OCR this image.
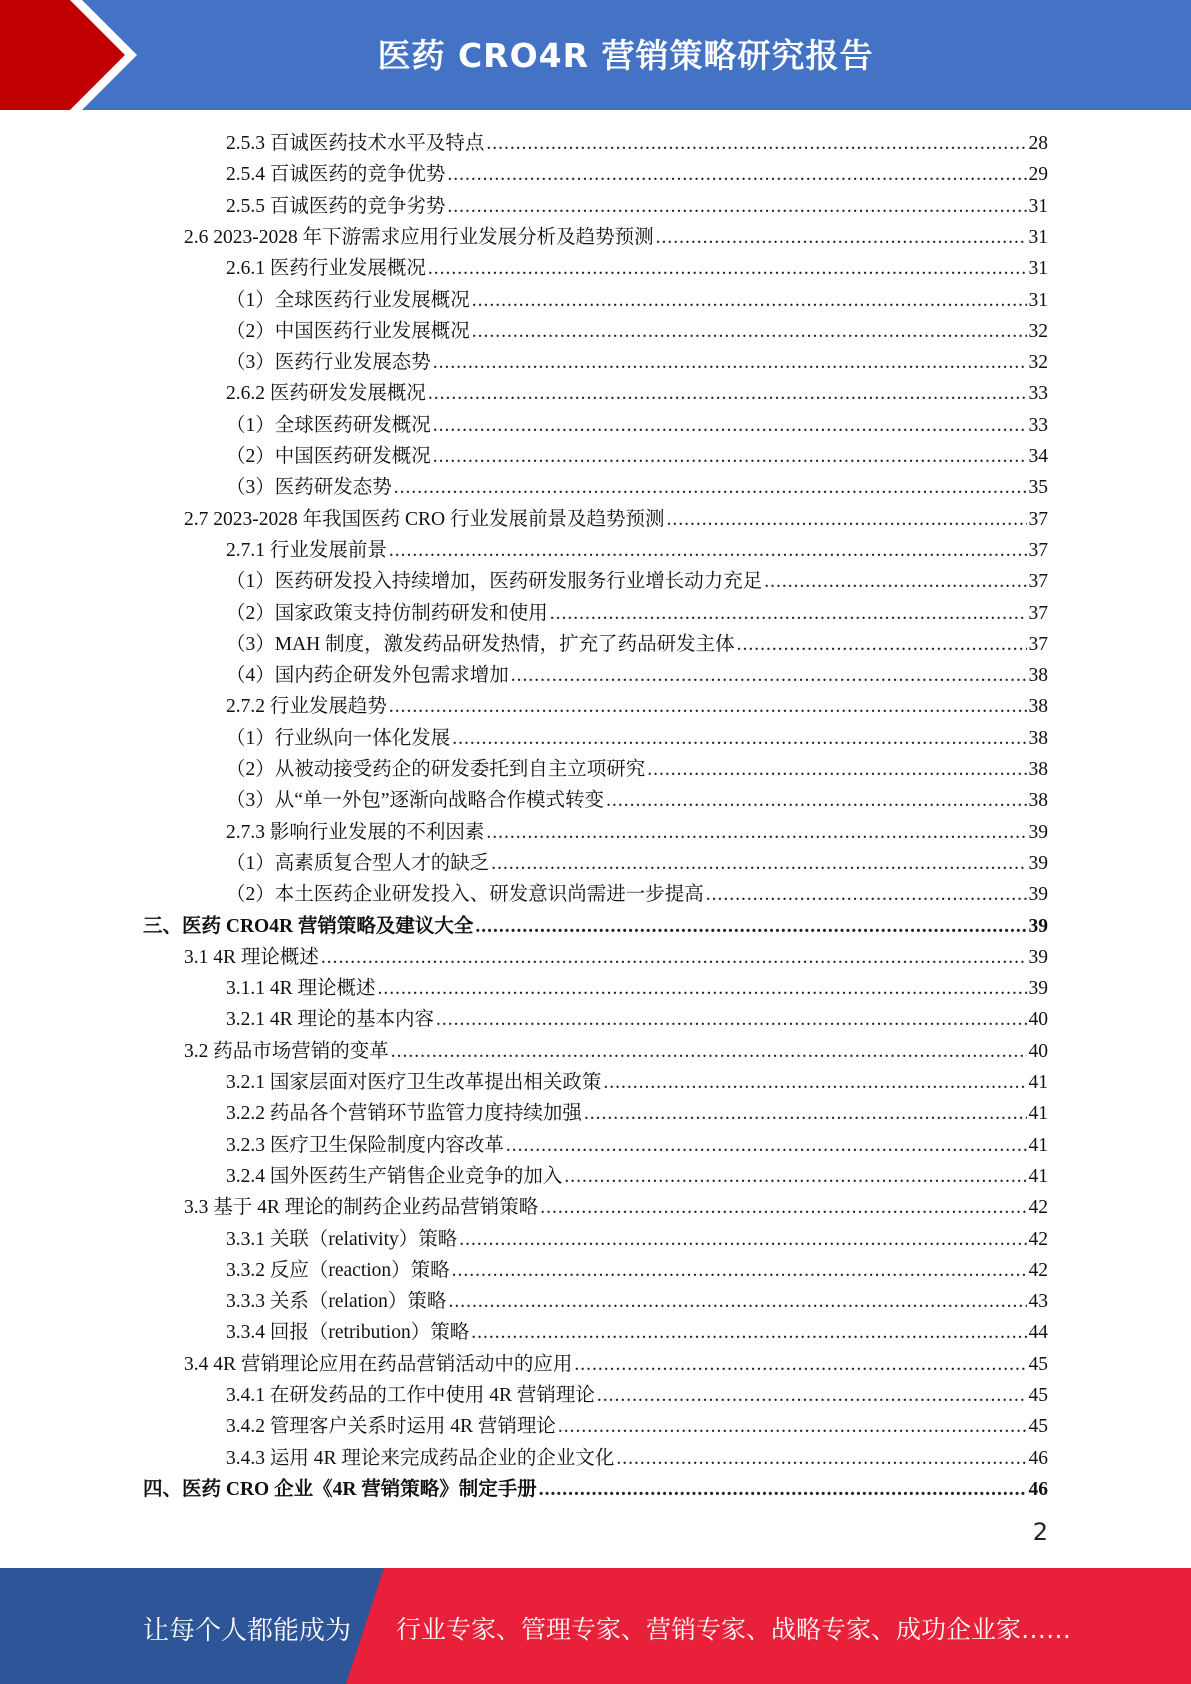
医药 CRO4R 营销策略研究报告
2.5.3 百诚医药技术水平及特点 .....	28
2.5.4 百诚医药的竞争优势 .....	29
2.5.5 百诚医药的竞争劣势 .....	31
2.6 2023-2028 年下游需求应用行业发展分析及趋势预测 .....	31
2.6.1 医药行业发展概况 .....	31
（1）全球医药行业发展概况 .....	31
（2）中国医药行业发展概况 .....	32
（3）医药行业发展态势 .....	32
2.6.2 医药研发发展概况 .....	33
（1）全球医药研发概况 .....	33
（2）中国医药研发概况 .....	34
（3）医药研发态势 .....	35
2.7 2023-2028 年我国医药 CRO 行业发展前景及趋势预测 .....	37
2.7.1 行业发展前景 .....	37
（1）医药研发投入持续增加，医药研发服务行业增长动力充足 .....	37
（2）国家政策支持仿制药研发和使用 .....	37
（3）MAH 制度，激发药品研发热情，扩充了药品研发主体 .....	37
（4）国内药企研发外包需求增加 .....	38
2.7.2 行业发展趋势 .....	38
（1）行业纵向一体化发展 .....	38
（2）从被动接受药企的研发委托到自主立项研究 .....	38
（3）从“单一外包”逐渐向战略合作模式转变 .....	38
2.7.3 影响行业发展的不利因素 .....	39
（1）高素质复合型人才的缺乏 .....	39
（2）本土医药企业研发投入、研发意识尚需进一步提高 .....	39
三、医药 CRO4R 营销策略及建议大全 .....	39
3.1 4R 理论概述 .....	39
3.1.1 4R 理论概述 .....	39
3.2.1 4R 理论的基本内容 .....	40
3.2 药品市场营销的变革 .....	40
3.2.1 国家层面对医疗卫生改革提出相关政策 .....	41
3.2.2 药品各个营销环节监管力度持续加强 .....	41
3.2.3 医疗卫生保险制度内容改革 .....	41
3.2.4 国外医药生产销售企业竞争的加入 .....	41
3.3 基于 4R 理论的制药企业药品营销策略 .....	42
3.3.1 关联（relativity）策略 .....	42
3.3.2 反应（reaction）策略 .....	42
3.3.3 关系（relation）策略 .....	43
3.3.4 回报（retribution）策略 .....	44
3.4 4R 营销理论应用在药品营销活动中的应用 .....	45
3.4.1 在研发药品的工作中使用 4R 营销理论 .....	45
3.4.2 管理客户关系时运用 4R 营销理论 .....	45
3.4.3 运用 4R 理论来完成药品企业的企业文化 .....	46
四、医药 CRO 企业《4R 营销策略》制定手册 .....	46
2
让每个人都能成为 行业专家、管理专家、营销专家、战略专家、成功企业家……
